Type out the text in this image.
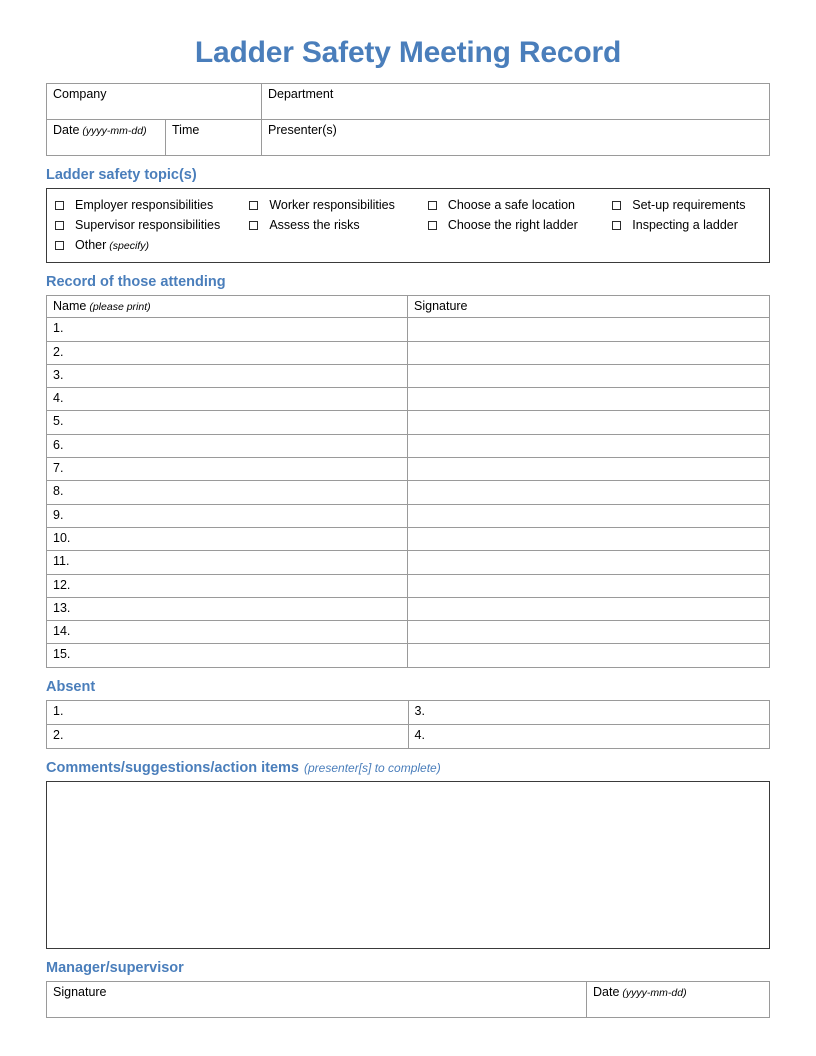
Ladder Safety Meeting Record
Company		Department
Date (yyyy-mm-dd)	Time	Presenter(s)
Ladder safety topic(s)
Employer responsibilities	Worker responsibilities	Choose a safe location	Set-up requirements
Supervisor responsibilities	Assess the risks	Choose the right ladder	Inspecting a ladder
Other (specify)
Record of those attending
Name (please print)	Signature
1.	
2.	
3.	
4.	
5.	
6.	
7.	
8.	
9.	
10.	
11.	
12.	
13.	
14.	
15.	
Absent
1.	3.
2.	4.
Comments/suggestions/action items (presenter[s] to complete)
Manager/supervisor
Signature	Date (yyyy-mm-dd)
